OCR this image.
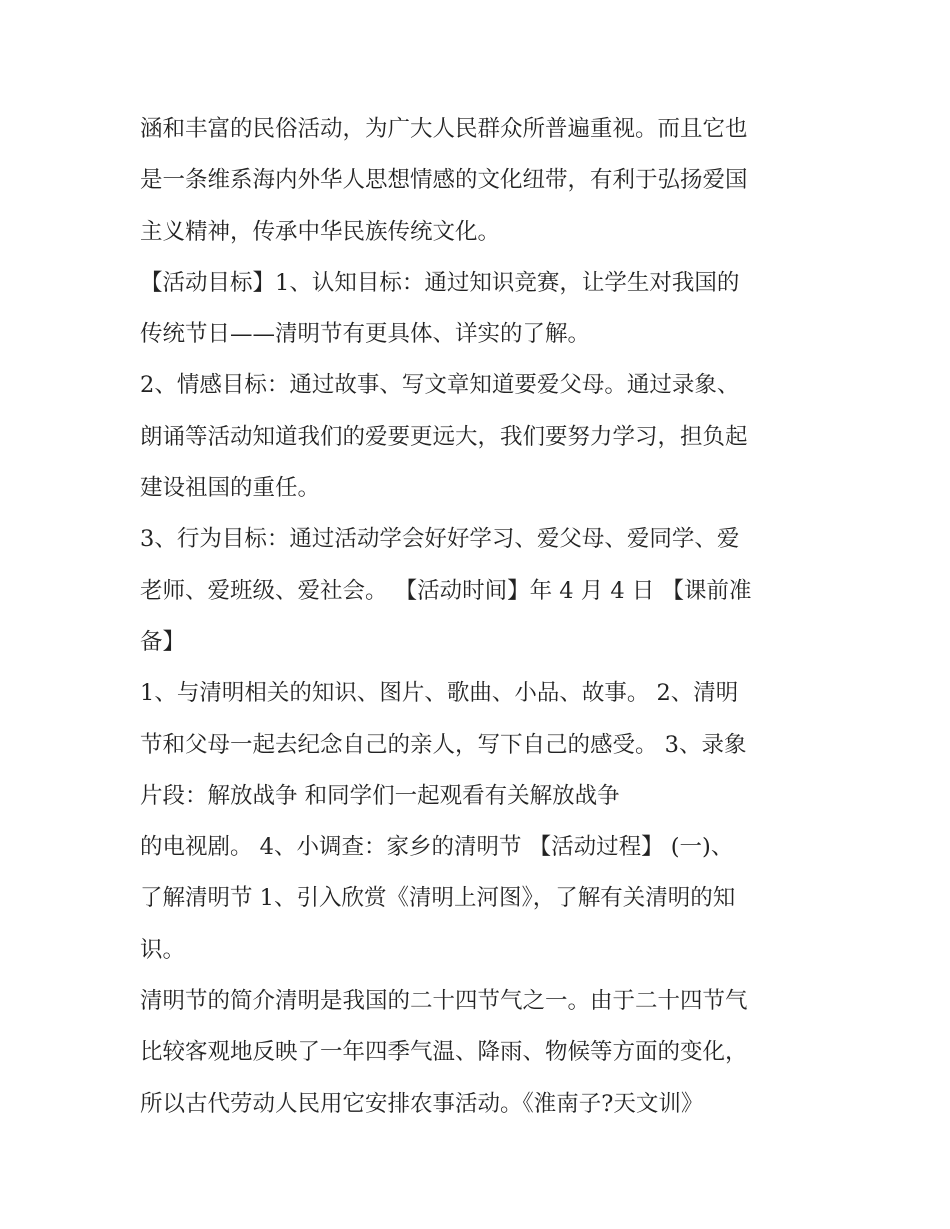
涵和丰富的民俗活动，为广大人民群众所普遍重视。而且它也
是一条维系海内外华人思想情感的文化纽带，有利于弘扬爱国
主义精神，传承中华民族传统文化。
【活动目标】1、认知目标：通过知识竞赛，让学生对我国的
传统节日——清明节有更具体、详实的了解。
2、情感目标：通过故事、写文章知道要爱父母。通过录象、
朗诵等活动知道我们的爱要更远大，我们要努力学习，担负起
建设祖国的重任。
3、行为目标：通过活动学会好好学习、爱父母、爱同学、爱
老师、爱班级、爱社会。 【活动时间】年 4 月 4 日 【课前准
备】
1、与清明相关的知识、图片、歌曲、小品、故事。 2、清明
节和父母一起去纪念自己的亲人，写下自己的感受。 3、录象
片段：解放战争 和同学们一起观看有关解放战争
的电视剧。 4、小调查：家乡的清明节 【活动过程】 (一)、
了解清明节 1、引入欣赏《清明上河图》，了解有关清明的知
识。
清明节的简介清明是我国的二十四节气之一。由于二十四节气
比较客观地反映了一年四季气温、降雨、物候等方面的变化，
所以古代劳动人民用它安排农事活动。《淮南子?天文训》
